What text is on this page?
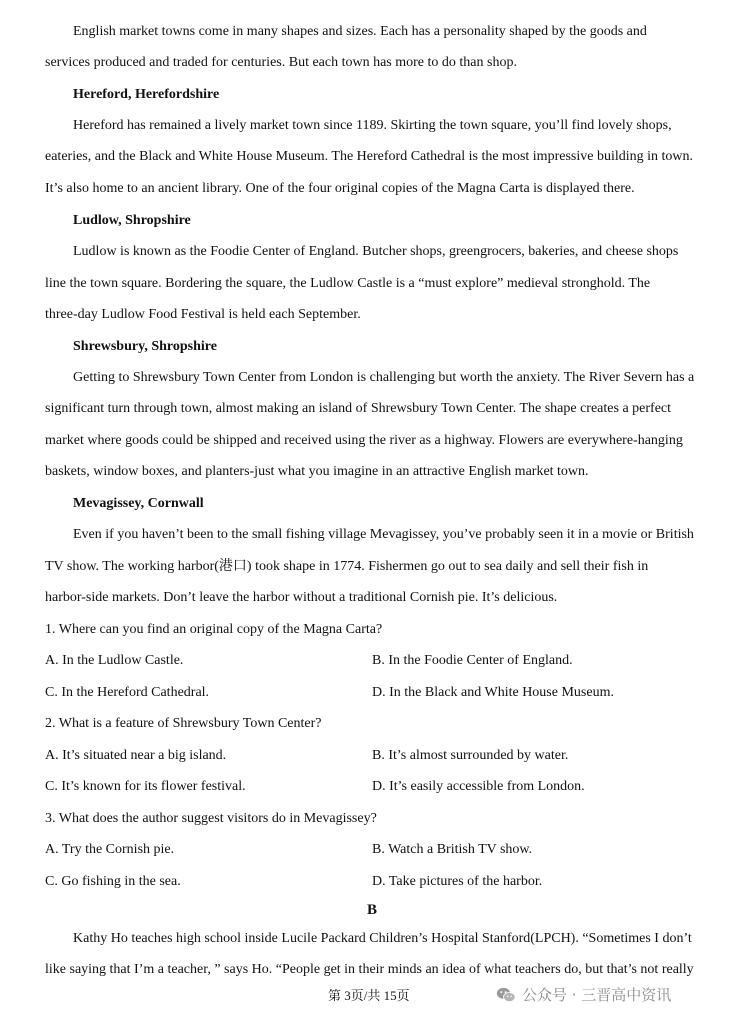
English market towns come in many shapes and sizes. Each has a personality shaped by the goods and
services produced and traded for centuries. But each town has more to do than shop.
Hereford, Herefordshire
Hereford has remained a lively market town since 1189. Skirting the town square, you’ll find lovely shops,
eateries, and the Black and White House Museum. The Hereford Cathedral is the most impressive building in town.
It’s also home to an ancient library. One of the four original copies of the Magna Carta is displayed there.
Ludlow, Shropshire
Ludlow is known as the Foodie Center of England. Butcher shops, greengrocers, bakeries, and cheese shops
line the town square. Bordering the square, the Ludlow Castle is a “must explore” medieval stronghold. The
three-day Ludlow Food Festival is held each September.
Shrewsbury, Shropshire
Getting to Shrewsbury Town Center from London is challenging but worth the anxiety. The River Severn has a
significant turn through town, almost making an island of Shrewsbury Town Center. The shape creates a perfect
market where goods could be shipped and received using the river as a highway. Flowers are everywhere-hanging
baskets, window boxes, and planters-just what you imagine in an attractive English market town.
Mevagissey, Cornwall
Even if you haven’t been to the small fishing village Mevagissey, you’ve probably seen it in a movie or British
TV show. The working harbor(港口) took shape in 1774. Fishermen go out to sea daily and sell their fish in
harbor-side markets. Don’t leave the harbor without a traditional Cornish pie. It’s delicious.
1. Where can you find an original copy of the Magna Carta?
A. In the Ludlow Castle.	B. In the Foodie Center of England.
C. In the Hereford Cathedral.	D. In the Black and White House Museum.
2. What is a feature of Shrewsbury Town Center?
A. It’s situated near a big island.	B. It’s almost surrounded by water.
C. It’s known for its flower festival.	D. It’s easily accessible from London.
3. What does the author suggest visitors do in Mevagissey?
A. Try the Cornish pie.	B. Watch a British TV show.
C. Go fishing in the sea.	D. Take pictures of the harbor.
B
Kathy Ho teaches high school inside Lucile Packard Children’s Hospital Stanford(LPCH). “Sometimes I don’t
like saying that I’m a teacher, ” says Ho. “People get in their minds an idea of what teachers do, but that’s not really
第 3页/共 15页	公众号 · 三晋高中资讯
